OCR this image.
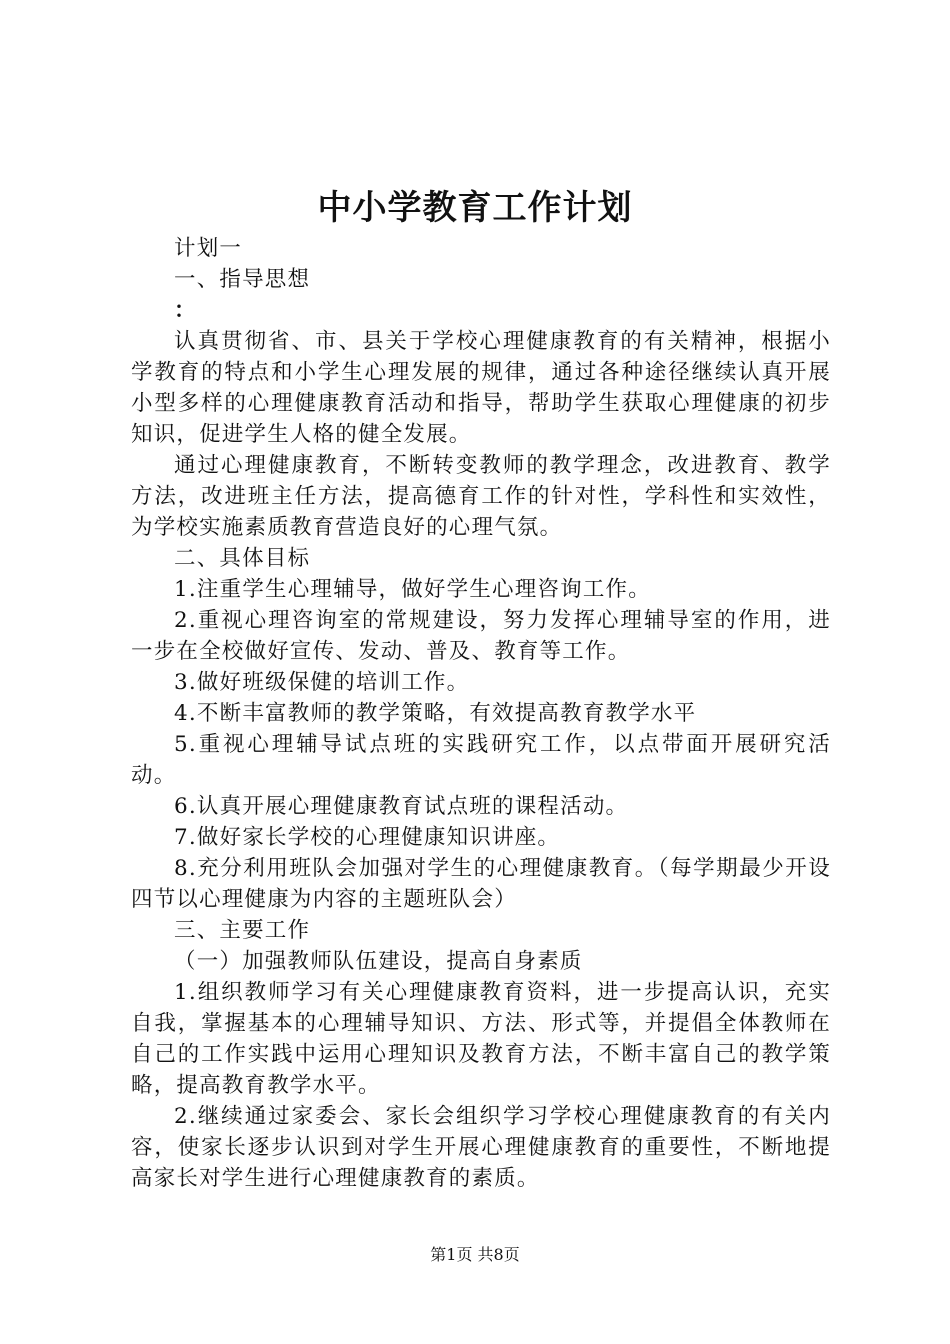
中小学教育工作计划

计划一

一、指导思想

：

认真贯彻省、市、县关于学校心理健康教育的有关精神，根据小学教育的特点和小学生心理发展的规律，通过各种途径继续认真开展小型多样的心理健康教育活动和指导，帮助学生获取心理健康的初步知识，促进学生人格的健全发展。

通过心理健康教育，不断转变教师的教学理念，改进教育、教学方法，改进班主任方法，提高德育工作的针对性，学科性和实效性，为学校实施素质教育营造良好的心理气氛。

二、具体目标

1.注重学生心理辅导，做好学生心理咨询工作。

2.重视心理咨询室的常规建设，努力发挥心理辅导室的作用，进一步在全校做好宣传、发动、普及、教育等工作。

3.做好班级保健的培训工作。

4.不断丰富教师的教学策略，有效提高教育教学水平

5.重视心理辅导试点班的实践研究工作，以点带面开展研究活动。

6.认真开展心理健康教育试点班的课程活动。

7.做好家长学校的心理健康知识讲座。

8.充分利用班队会加强对学生的心理健康教育。（每学期最少开设四节以心理健康为内容的主题班队会）

三、主要工作

（一）加强教师队伍建设，提高自身素质

1.组织教师学习有关心理健康教育资料，进一步提高认识，充实自我，掌握基本的心理辅导知识、方法、形式等，并提倡全体教师在自己的工作实践中运用心理知识及教育方法，不断丰富自己的教学策略，提高教育教学水平。

2.继续通过家委会、家长会组织学习学校心理健康教育的有关内容，使家长逐步认识到对学生开展心理健康教育的重要性，不断地提高家长对学生进行心理健康教育的素质。

第1页 共8页
